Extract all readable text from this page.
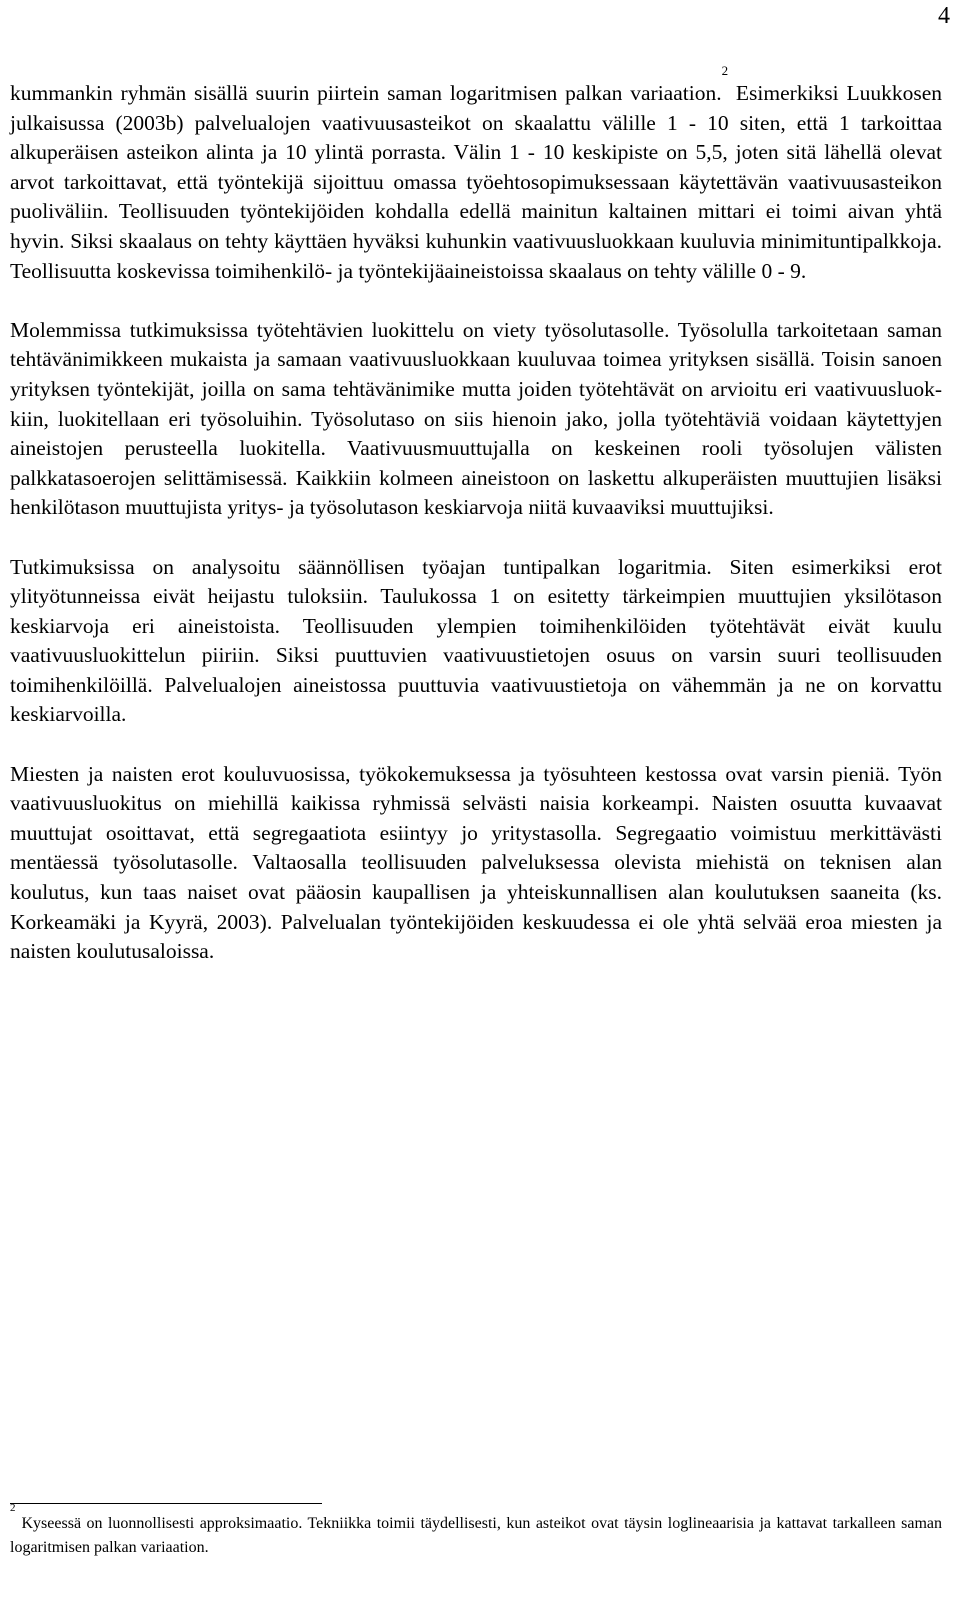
4

kummankin ryhmän sisällä suurin piirtein saman logaritmisen palkan variaation.$^2$ Esimerkiksi Luukkosen julkaisussa (2003b) palvelualojen vaativuusasteikot on skaalattu välille 1 - 10 siten, että 1 tarkoittaa alkuperäisen asteikon alinta ja 10 ylintä porrasta. Välin 1 - 10 keskipiste on 5,5, joten sitä lähellä olevat arvot tarkoittavat, että työntekijä sijoittuu omassa työehtosopimuksessaan käytettävän vaativuusasteikon puoliväliin. Teollisuuden työntekijöiden kohdalla edellä mainitun kaltainen mittari ei toimi aivan yhtä hyvin. Siksi skaalaus on tehty käyttäen hyväksi kuhunkin vaativuusluokkaan kuuluvia minimituntipalkkoja. Teollisuutta koskevissa toimihenkilö- ja työntekijäaineistoissa skaalaus on tehty välille 0 - 9.

Molemmissa tutkimuksissa työtehtävien luokittelu on viety työsolutasolle. Työsolulla tarkoitetaan saman tehtävänimikkeen mukaista ja samaan vaativuusluokkaan kuuluvaa toimea yrityksen sisällä. Toisin sanoen yrityksen työntekijät, joilla on sama tehtävänimike mutta joiden työtehtävät on arvioitu eri vaativuusluokkiin, luokitellaan eri työsoluihin. Työsolutaso on siis hienoin jako, jolla työtehtäviä voidaan käytettyjen aineistojen perusteella luokitella. Vaativuusmuuttujalla on keskeinen rooli työsolujen välisten palkkatasoerojen selittämisessä. Kaikkiin kolmeen aineistoon on laskettu alkuperäisten muuttujien lisäksi henkilötason muuttujista yritys- ja työsolutason keskiarvoja niitä kuvaaviksi muuttujiksi.

Tutkimuksissa on analysoitu säännöllisen työajan tuntipalkan logaritmia. Siten esimerkiksi erot ylityötunneissa eivät heijastu tuloksiin. Taulukossa 1 on esitetty tärkeimpien muuttujien yksilötason keskiarvoja eri aineistoista. Teollisuuden ylempien toimihenkilöiden työtehtävät eivät kuulu vaativuusluokittelun piiriin. Siksi puuttuvien vaativuustietojen osuus on varsin suuri teollisuuden toimihenkilöillä. Palvelualojen aineistossa puuttuvia vaativuustietoja on vähemmän ja ne on korvattu keskiarvoilla.

Miesten ja naisten erot kouluvuosissa, työkokemuksessa ja työsuhteen kestossa ovat varsin pieniä. Työn vaativuusluokitus on miehillä kaikissa ryhmissä selvästi naisia korkeampi. Naisten osuutta kuvaavat muuttujat osoittavat, että segregaatiota esiintyy jo yritystasolla. Segregaatio voimistuu merkittävästi mentäessä työsolutasolle. Valtaosalla teollisuuden palveluksessa olevista miehistä on teknisen alan koulutus, kun taas naiset ovat pääosin kaupallisen ja yhteiskunnallisen alan koulutuksen saaneita (ks. Korkeamäki ja Kyyrä, 2003). Palvelualan työntekijöiden keskuudessa ei ole yhtä selvää eroa miesten ja naisten koulutusaloissa.

$^2$Kyseessä on luonnollisesti approksimaatio. Tekniikka toimii täydellisesti, kun asteikot ovat täysin loglineaarisia ja kattavat tarkalleen saman logaritmisen palkan variaation.
